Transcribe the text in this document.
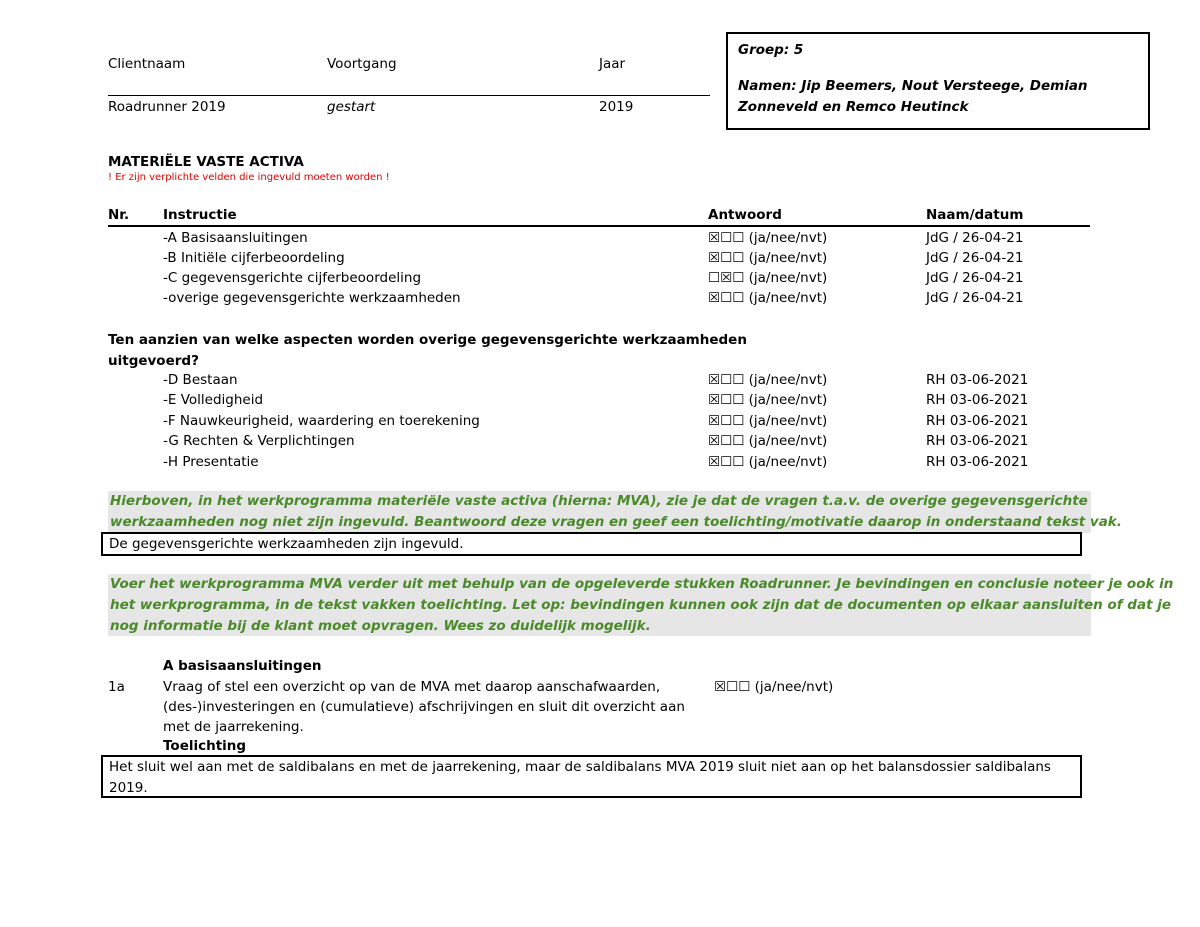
Clientnaam	Voortgang	Jaar
Roadrunner 2019	gestart	2019
Groep: 5
Namen: Jip Beemers, Nout Versteege, Demian Zonneveld en Remco Heutinck
MATERIËLE VASTE ACTIVA
! Er zijn verplichte velden die ingevuld moeten worden !
Nr.	Instructie	Antwoord	Naam/datum
-A Basisaansluitingen	☒☐☐ (ja/nee/nvt)	JdG / 26-04-21
-B Initiële cijferbeoordeling	☒☐☐ (ja/nee/nvt)	JdG / 26-04-21
-C gegevensgerichte cijferbeoordeling	☐☒☐ (ja/nee/nvt)	JdG / 26-04-21
-overige gegevensgerichte werkzaamheden	☒☐☐ (ja/nee/nvt)	JdG / 26-04-21
Ten aanzien van welke aspecten worden overige gegevensgerichte werkzaamheden
uitgevoerd?
-D Bestaan	☒☐☐ (ja/nee/nvt)	RH 03-06-2021
-E Volledigheid	☒☐☐ (ja/nee/nvt)	RH 03-06-2021
-F Nauwkeurigheid, waardering en toerekening	☒☐☐ (ja/nee/nvt)	RH 03-06-2021
-G Rechten & Verplichtingen	☒☐☐ (ja/nee/nvt)	RH 03-06-2021
-H Presentatie	☒☐☐ (ja/nee/nvt)	RH 03-06-2021
Hierboven, in het werkprogramma materiële vaste activa (hierna: MVA), zie je dat de vragen t.a.v. de overige gegevensgerichte
werkzaamheden nog niet zijn ingevuld. Beantwoord deze vragen en geef een toelichting/motivatie daarop in onderstaand tekst vak.
De gegevensgerichte werkzaamheden zijn ingevuld.
Voer het werkprogramma MVA verder uit met behulp van de opgeleverde stukken Roadrunner. Je bevindingen en conclusie noteer je ook in
het werkprogramma, in de tekst vakken toelichting. Let op: bevindingen kunnen ook zijn dat de documenten op elkaar aansluiten of dat je
nog informatie bij de klant moet opvragen. Wees zo duidelijk mogelijk.
A basisaansluitingen
1a	Vraag of stel een overzicht op van de MVA met daarop aanschafwaarden,
(des-)investeringen en (cumulatieve) afschrijvingen en sluit dit overzicht aan
met de jaarrekening.
☒☐☐ (ja/nee/nvt)
Toelichting
Het sluit wel aan met de saldibalans en met de jaarrekening, maar de saldibalans MVA 2019 sluit niet aan op het balansdossier saldibalans
2019.
